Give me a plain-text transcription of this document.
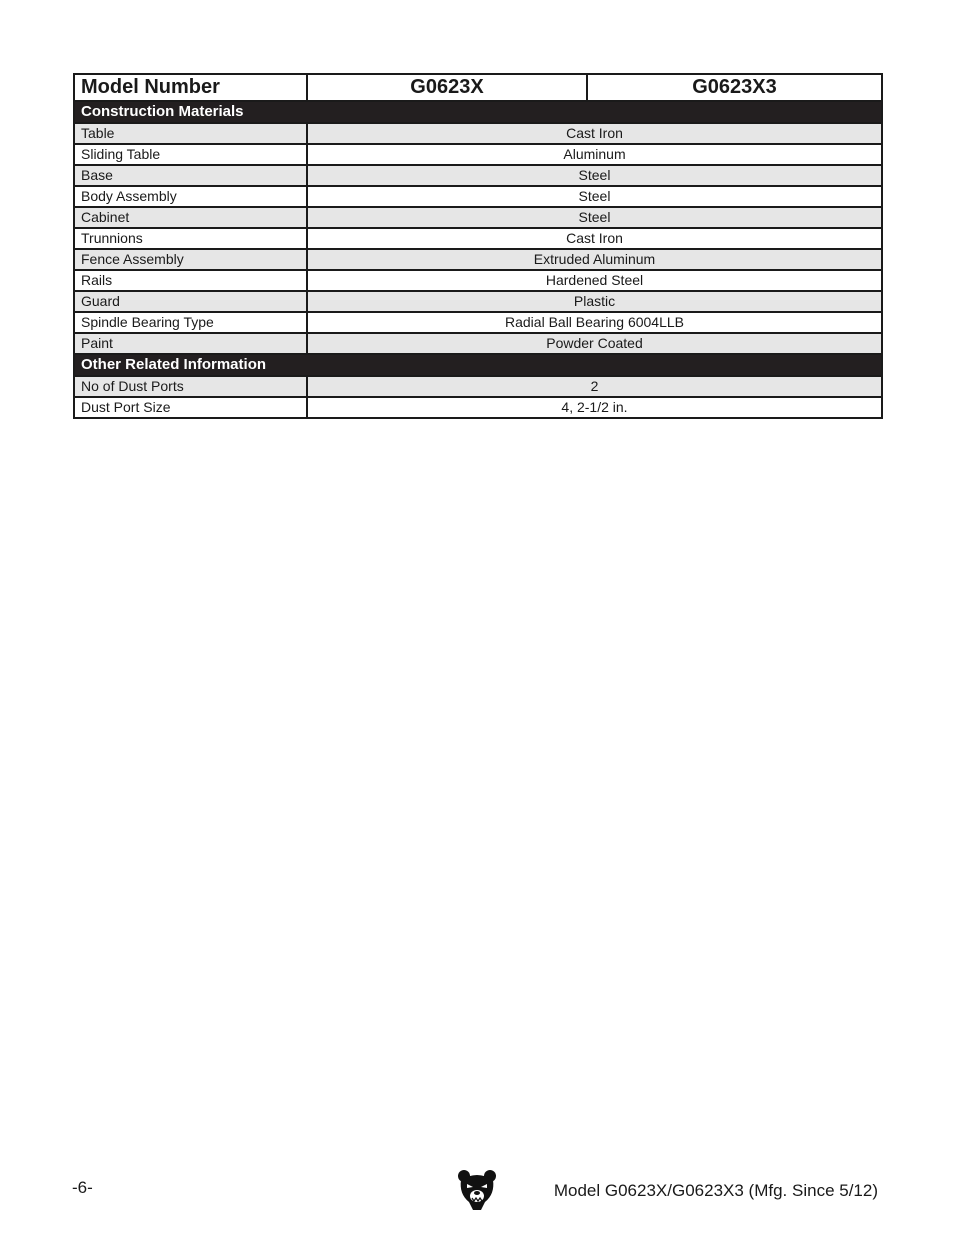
Model Number	G0623X	G0623X3
Construction Materials		
Table	Cast Iron	
Sliding Table	Aluminum	
Base	Steel	
Body Assembly	Steel	
Cabinet	Steel	
Trunnions	Cast Iron	
Fence Assembly	Extruded Aluminum	
Rails	Hardened Steel	
Guard	Plastic	
Spindle Bearing Type	Radial Ball Bearing 6004LLB	
Paint	Powder Coated	
Other Related Information		
No of Dust Ports	2	
Dust Port Size	4, 2-1/2 in.	
-6-	Model G0623X/G0623X3 (Mfg. Since 5/12)
